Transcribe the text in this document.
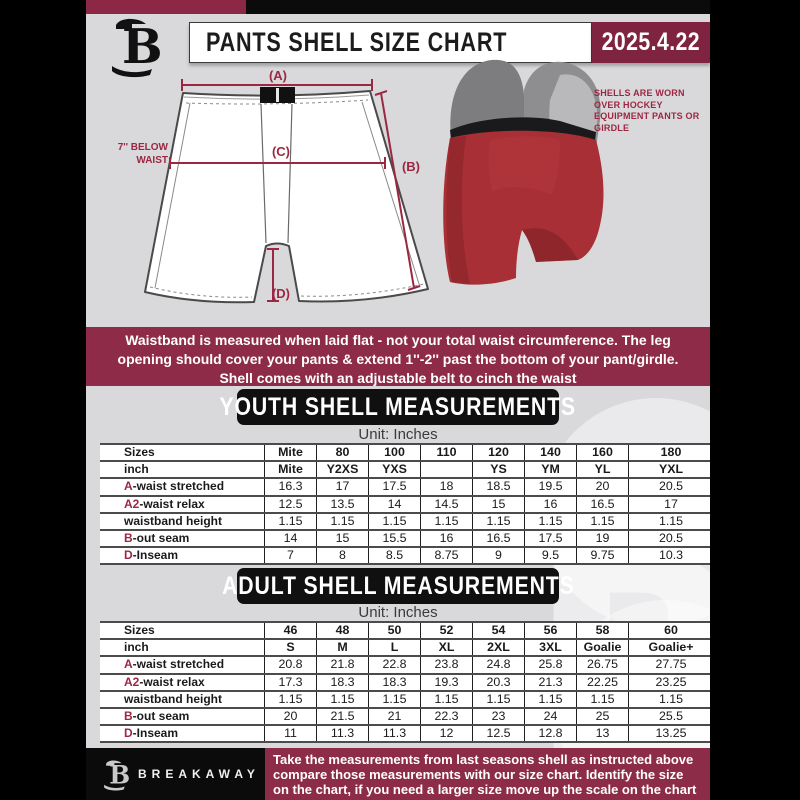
B	PANTS SHELL SIZE CHART	2025.4.22
(A)
(B)
(C)
(D)
7'' BELOW
WAIST
SHELLS ARE WORN OVER HOCKEY EQUIPMENT PANTS OR GIRDLE
Waistband is measured when laid flat - not your total waist circumference. The leg
opening should cover your pants & extend 1''-2'' past the bottom of your pant/girdle.
Shell comes with an adjustable belt to cinch the waist
YOUTH SHELL MEASUREMENTS
Unit: Inches
Sizes	Mite	80	100	110	120	140	160	180
inch	Mite	Y2XS	YXS		YS	YM	YL	YXL
A-waist stretched	16.3	17	17.5	18	18.5	19.5	20	20.5
A2-waist relax	12.5	13.5	14	14.5	15	16	16.5	17
waistband height	1.15	1.15	1.15	1.15	1.15	1.15	1.15	1.15
B-out seam	14	15	15.5	16	16.5	17.5	19	20.5
D-Inseam	7	8	8.5	8.75	9	9.5	9.75	10.3
ADULT SHELL MEASUREMENTS
Unit: Inches
Sizes	46	48	50	52	54	56	58	60
inch	S	M	L	XL	2XL	3XL	Goalie	Goalie+
A-waist stretched	20.8	21.8	22.8	23.8	24.8	25.8	26.75	27.75
A2-waist relax	17.3	18.3	18.3	19.3	20.3	21.3	22.25	23.25
waistband height	1.15	1.15	1.15	1.15	1.15	1.15	1.15	1.15
B-out seam	20	21.5	21	22.3	23	24	25	25.5
D-Inseam	11	11.3	11.3	12	12.5	12.8	13	13.25
B BREAKAWAY
Take the measurements from last seasons shell as instructed above
compare those measurements with our size chart. Identify the size
on the chart, if you need a larger size move up the scale on the chart
